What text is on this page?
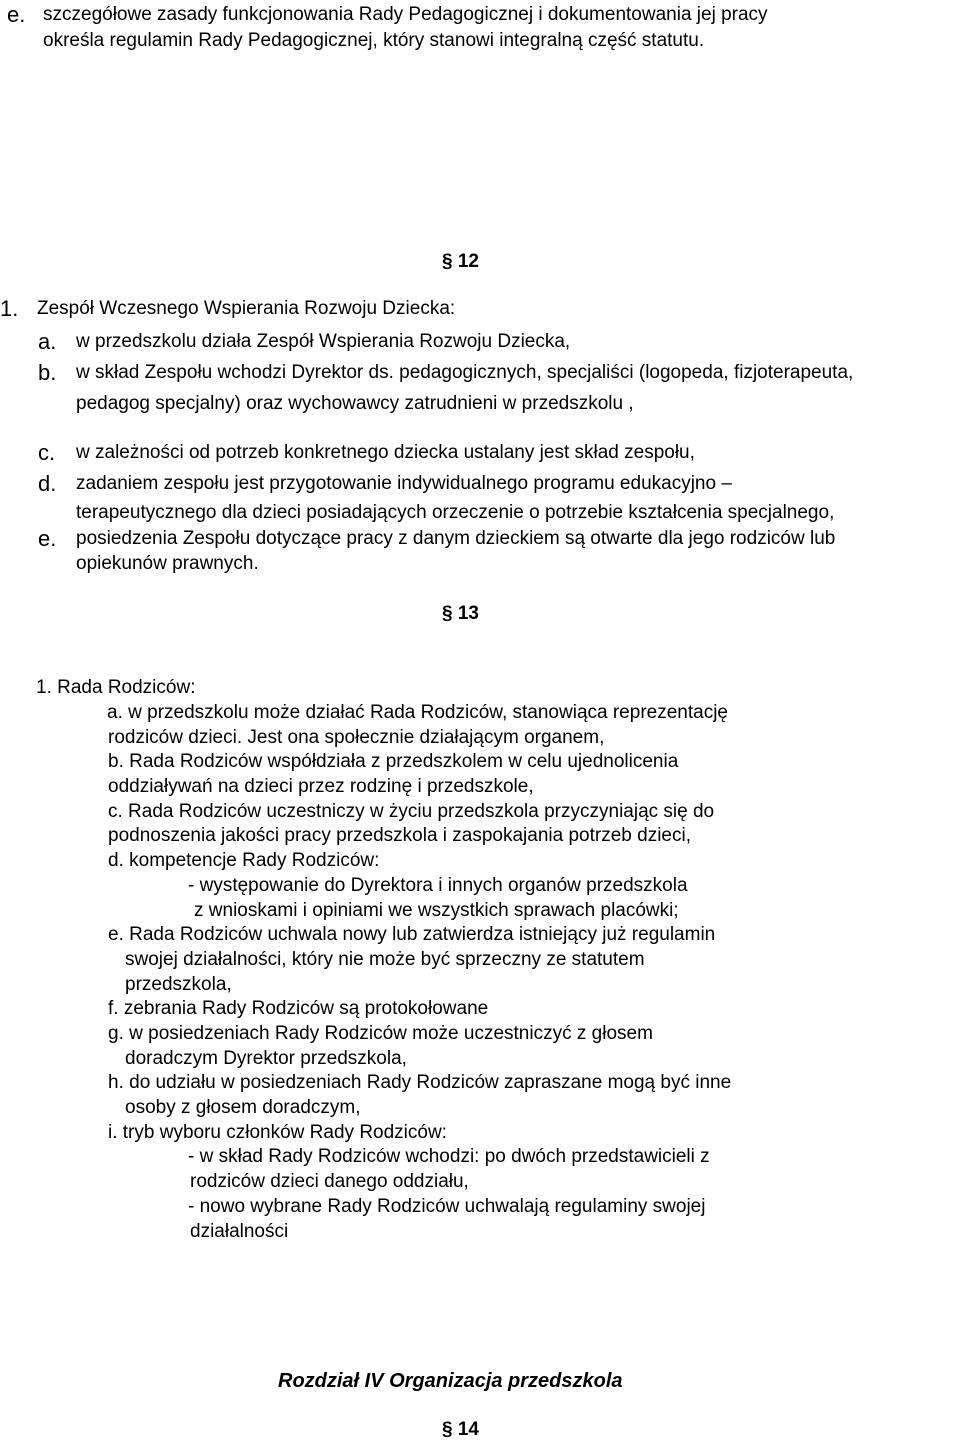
e. szczegółowe zasady funkcjonowania Rady Pedagogicznej i dokumentowania jej pracy
określa regulamin Rady Pedagogicznej, który stanowi integralną część statutu.
§ 12
1. Zespół Wczesnego Wspierania Rozwoju Dziecka:
a. w przedszkolu działa Zespół Wspierania Rozwoju Dziecka,
b. w skład Zespołu wchodzi Dyrektor ds. pedagogicznych, specjaliści (logopeda, fizjoterapeuta,
pedagog specjalny) oraz wychowawcy zatrudnieni w przedszkolu ,
c. w zależności od potrzeb konkretnego dziecka ustalany jest skład zespołu,
d. zadaniem zespołu jest przygotowanie indywidualnego programu edukacyjno –
terapeutycznego dla dzieci posiadających orzeczenie o potrzebie kształcenia specjalnego,
e. posiedzenia Zespołu dotyczące pracy z danym dzieckiem są otwarte dla jego rodziców lub
opiekunów prawnych.
§ 13
1. Rada Rodziców:
a. w przedszkolu może działać Rada Rodziców, stanowiąca reprezentację
rodziców dzieci. Jest ona społecznie działającym organem,
b. Rada Rodziców współdziała z przedszkolem w celu ujednolicenia
oddziaływań na dzieci przez rodzinę i przedszkole,
c. Rada Rodziców uczestniczy w życiu przedszkola przyczyniając się do
podnoszenia jakości pracy przedszkola i zaspokajania potrzeb dzieci,
d. kompetencje Rady Rodziców:
- występowanie do Dyrektora i innych organów przedszkola
z wnioskami i opiniami we wszystkich sprawach placówki;
e. Rada Rodziców uchwala nowy lub zatwierdza istniejący już regulamin
swojej działalności, który nie może być sprzeczny ze statutem
przedszkola,
f. zebrania Rady Rodziców są protokołowane
g. w posiedzeniach Rady Rodziców może uczestniczyć z głosem
doradczym Dyrektor przedszkola,
h. do udziału w posiedzeniach Rady Rodziców zapraszane mogą być inne
osoby z głosem doradczym,
i. tryb wyboru członków Rady Rodziców:
- w skład Rady Rodziców wchodzi: po dwóch przedstawicieli z
rodziców dzieci danego oddziału,
- nowo wybrane Rady Rodziców uchwalają regulaminy swojej
działalności
Rozdział IV Organizacja przedszkola
§ 14
